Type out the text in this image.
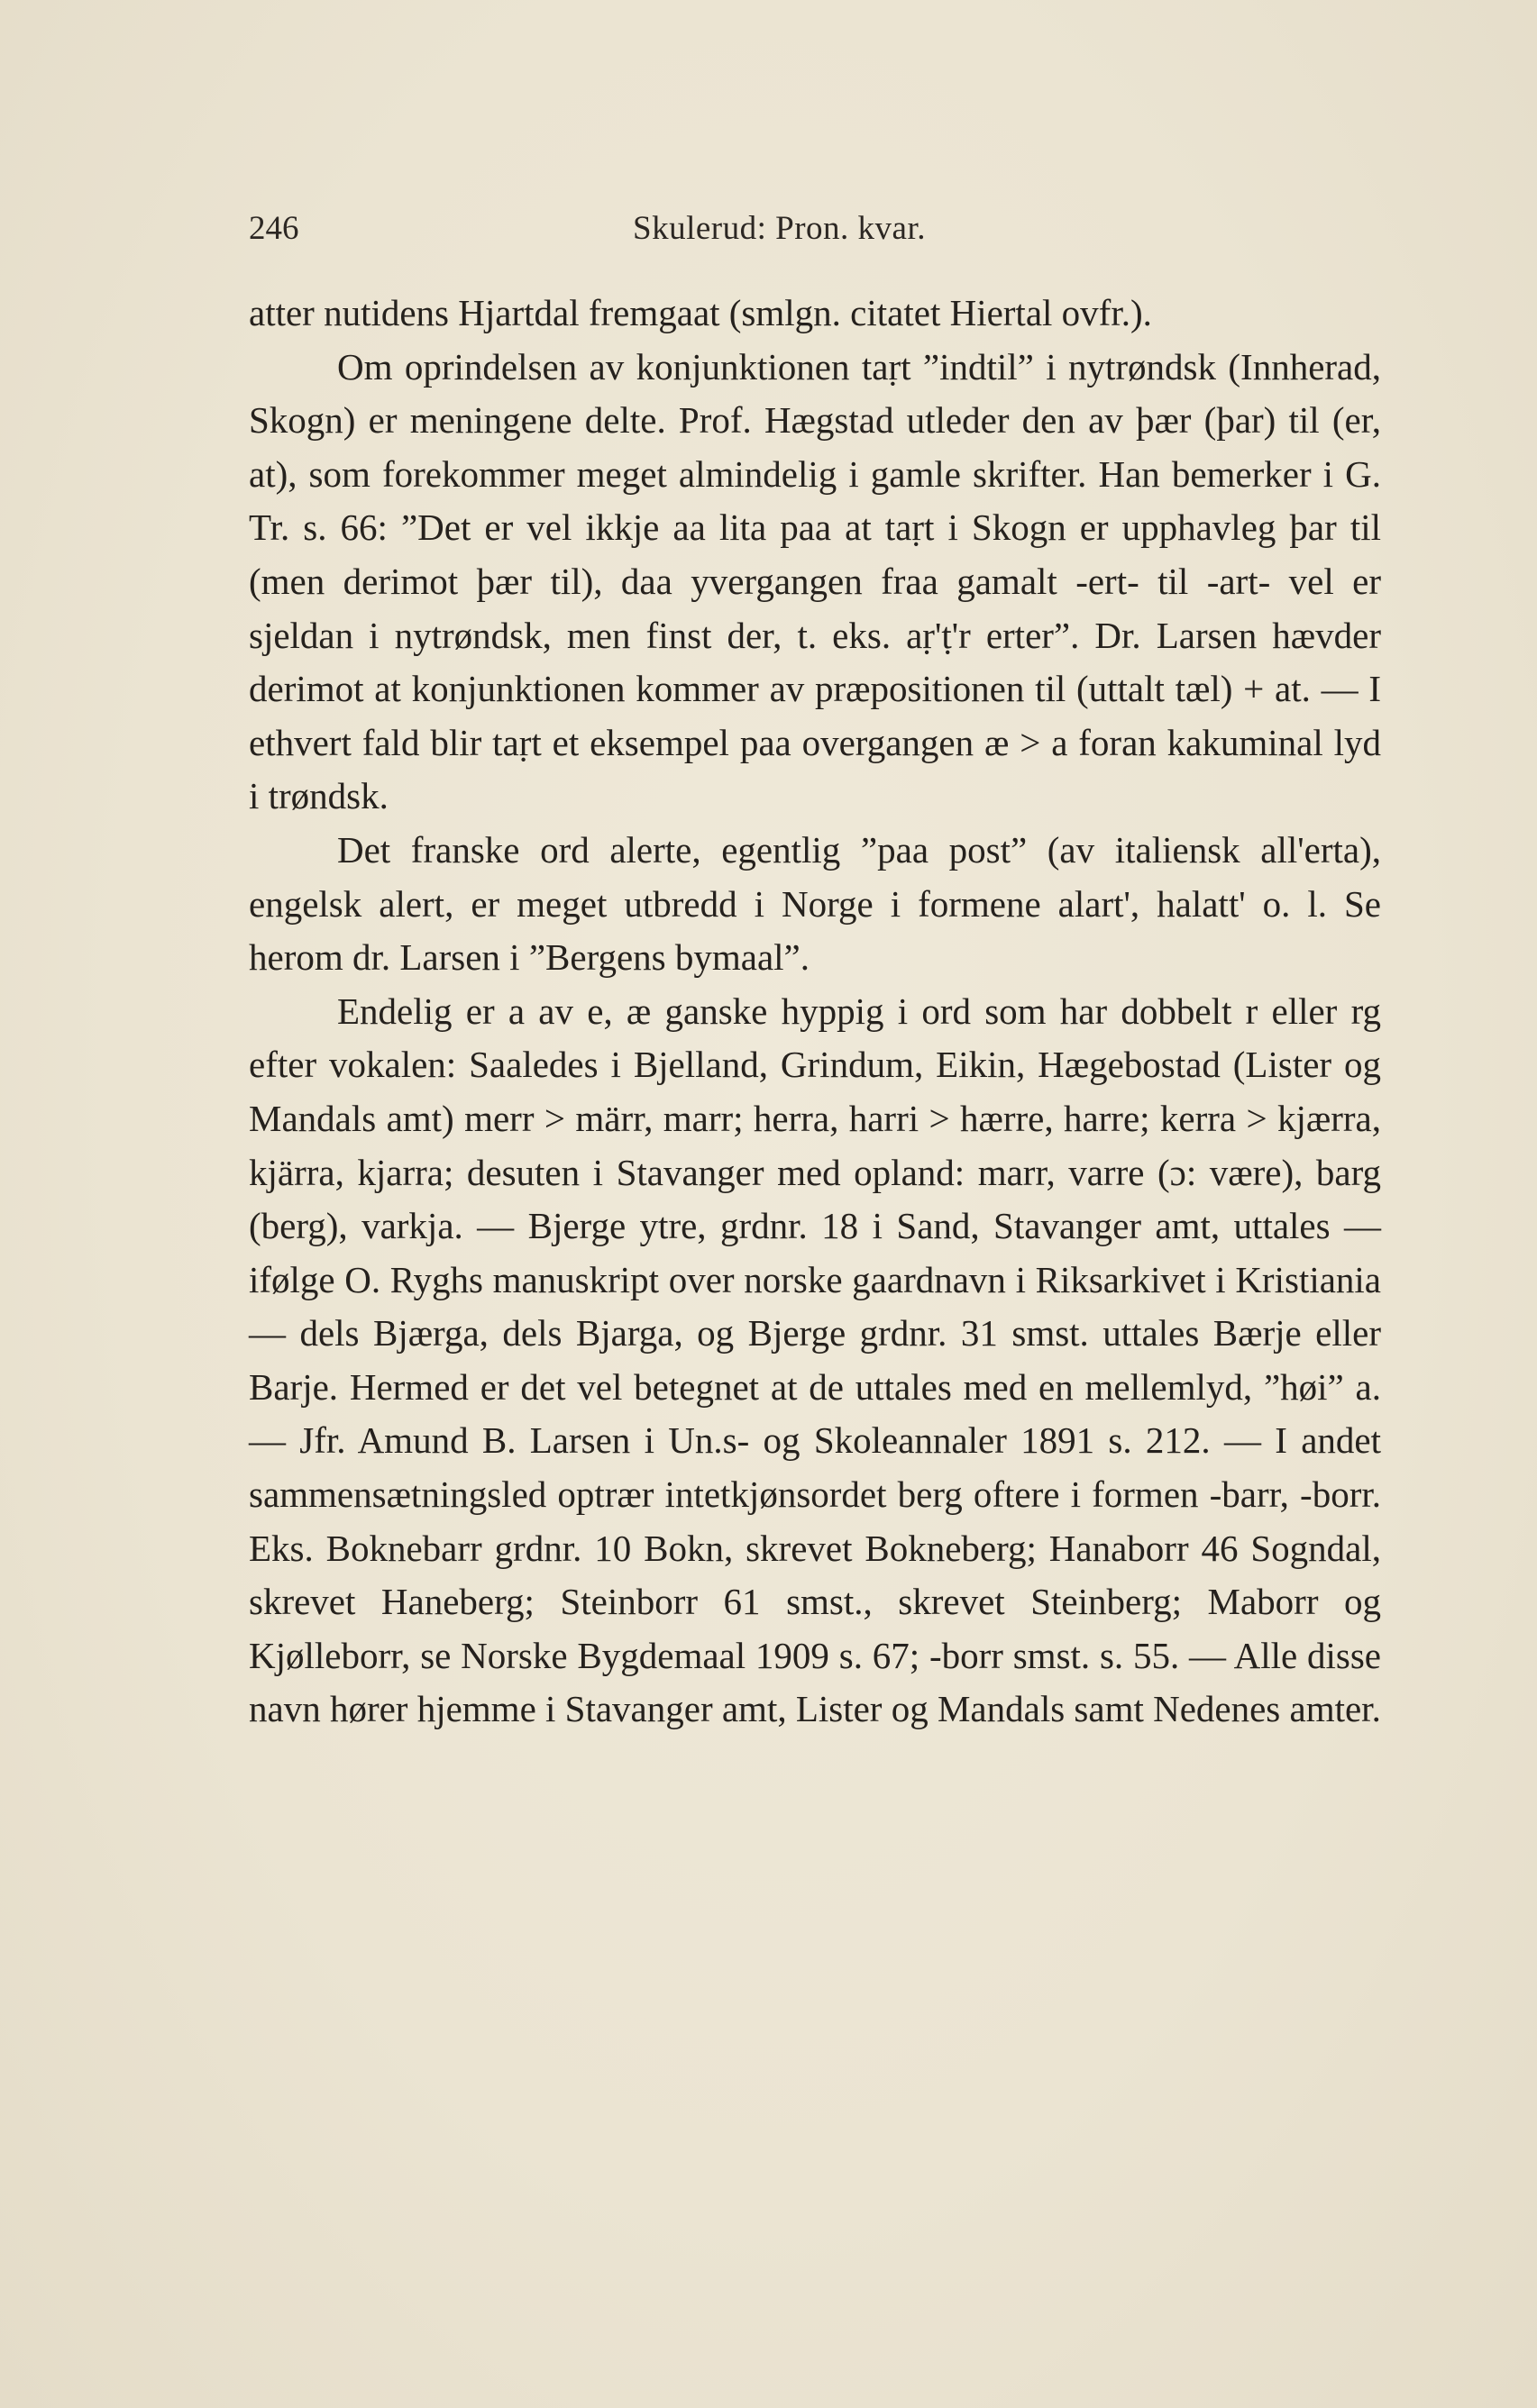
246	Skulerud: Pron. kvar.

atter nutidens Hjartdal fremgaat (smlgn. citatet Hiertal ovfr.).

Om oprindelsen av konjunktionen taṛt ”indtil” i nytrøndsk (Innherad, Skogn) er meningene delte. Prof. Hægstad utleder den av þær (þar) til (er, at), som forekommer meget almindelig i gamle skrifter. Han bemerker i G. Tr. s. 66: ”Det er vel ikkje aa lita paa at taṛt i Skogn er upphavleg þar til (men derimot þær til), daa yvergangen fraa gamalt -ert- til -art- vel er sjeldan i nytrøndsk, men finst der, t. eks. aṛ'ṭ'r erter”. Dr. Larsen hævder derimot at konjunktionen kommer av præpositionen til (uttalt tæl) + at. — I ethvert fald blir taṛt et eksempel paa overgangen æ > a foran kakuminal lyd i trøndsk.

Det franske ord alerte, egentlig ”paa post” (av italiensk all'erta), engelsk alert, er meget utbredd i Norge i formene alart', halatt' o. l. Se herom dr. Larsen i ”Bergens bymaal”.

Endelig er a av e, æ ganske hyppig i ord som har dobbelt r eller rg efter vokalen: Saaledes i Bjelland, Grindum, Eikin, Hægebostad (Lister og Mandals amt) merr > märr, marr; herra, harri > hærre, harre; kerra > kjærra, kjärra, kjarra; desuten i Stavanger med opland: marr, varre (ɔ: være), barg (berg), varkja. — Bjerge ytre, grdnr. 18 i Sand, Stavanger amt, uttales — ifølge O. Ryghs manuskript over norske gaardnavn i Riksarkivet i Kristiania — dels Bjærga, dels Bjarga, og Bjerge grdnr. 31 smst. uttales Bærje eller Barje. Hermed er det vel betegnet at de uttales med en mellemlyd, ”høi” a. — Jfr. Amund B. Larsen i Un.s- og Skoleannaler 1891 s. 212. — I andet sammensætningsled optrær intetkjønsordet berg oftere i formen -barr, -borr. Eks. Boknebarr grdnr. 10 Bokn, skrevet Bokneberg; Hanaborr 46 Sogndal, skrevet Haneberg; Steinborr 61 smst., skrevet Steinberg; Maborr og Kjølleborr, se Norske Bygdemaal 1909 s. 67; -borr smst. s. 55. — Alle disse navn hører hjemme i Stavanger amt, Lister og Mandals samt Nedenes amter.
